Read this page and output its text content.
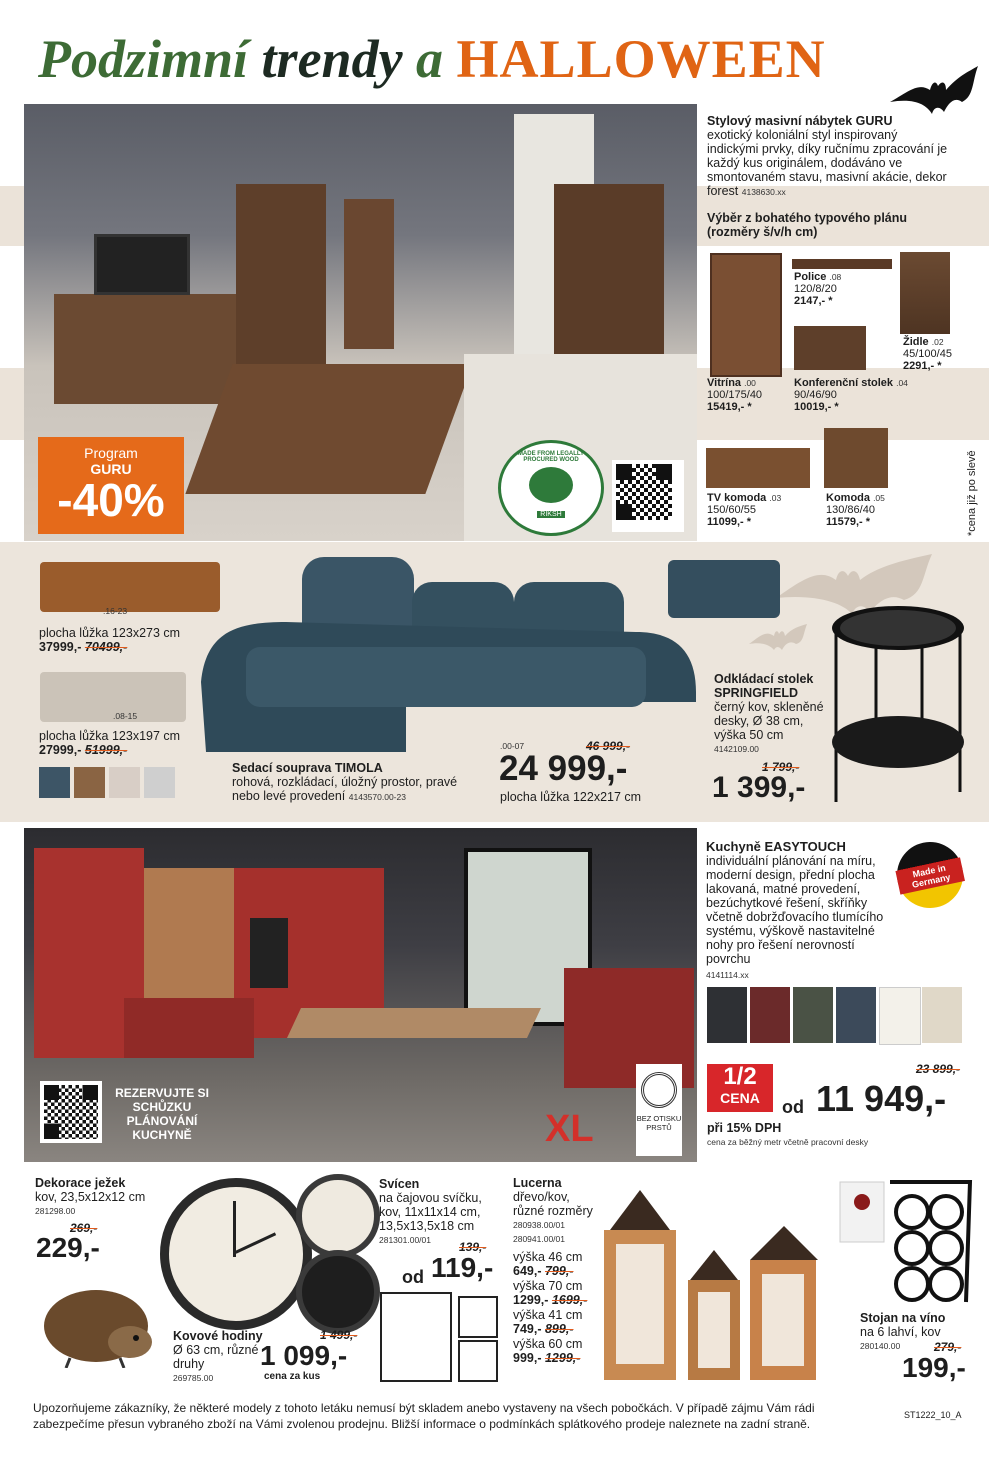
Podzimní trendy a HALLOWEEN
Program
GURU
-40%
MADE FROM LEGALLY PROCURED WOOD
RIKSH
Stylový masivní nábytek GURU
exotický koloniální styl inspirovaný indickými prvky, díky ručnímu zpracování je každý kus originálem, dodáváno ve smontovaném stavu, masivní akácie, dekor forest 4138630.xx
Výběr z bohatého typového plánu (rozměry š/v/h cm)
Police .08
120/8/20
2147,- *
Židle .02
45/100/45
2291,- *
Vitrína .00
100/175/40
15419,- *
Konferenční stolek .04
90/46/90
10019,- *
TV komoda .03
150/60/55
11099,- *
Komoda .05
130/86/40
11579,- *	*cena již po slevě
.16-23
plocha lůžka 123x273 cm
37999,- 70499,-
.08-15
plocha lůžka 123x197 cm
27999,- 51999,-
Sedací souprava TIMOLA
rohová, rozkládací, úložný prostor, pravé nebo levé provedení 4143570.00-23
.00-07	46 999,-
24 999,-
plocha lůžka 122x217 cm
Odkládací stolek SPRINGFIELD
černý kov, skleněné desky, Ø 38 cm, výška 50 cm
4142109.00
1 799,-
1 399,-
REZERVUJTE SI SCHŮZKU PLÁNOVÁNÍ KUCHYNĚ	XL	BEZ OTISKU PRSTŮ
Kuchyně EASYTOUCH
individuální plánování na míru, moderní design, přední plocha lakovaná, matné provedení, bezúchytkové řešení, skříňky včetně dobržďovacího tlumícího systému, výškově nastavitelné nohy pro řešení nerovností povrchu
4141114.xx
Made in Germany
1/2
CENA
23 899,-
od 11 949,-
při 15% DPH
cena za běžný metr včetně pracovní desky
Dekorace ježek
kov, 23,5x12x12 cm
281298.00
269,-
229,-
Kovové hodiny
Ø 63 cm, různé druhy
269785.00
1 499,-
1 099,-
cena za kus
Svícen
na čajovou svíčku, kov, 11x11x14 cm, 13,5x13,5x18 cm
281301.00/01	139,-
od 119,-
Lucerna
dřevo/kov, různé rozměry
280938.00/01
280941.00/01
výška 46 cm
649,- 799,-
výška 70 cm
1299,- 1699,-
výška 41 cm
749,- 899,-
výška 60 cm
999,- 1299,-
Stojan na víno
na 6 lahví, kov
280140.00	279,-
199,-
Upozorňujeme zákazníky, že některé modely z tohoto letáku nemusí být skladem anebo vystaveny na všech pobočkách. V případě zájmu Vám rádi zabezpečíme přesun vybraného zboží na Vámi zvolenou prodejnu. Bližší informace o podmínkách splátkového prodeje naleznete na zadní straně.
ST1222_10_A
